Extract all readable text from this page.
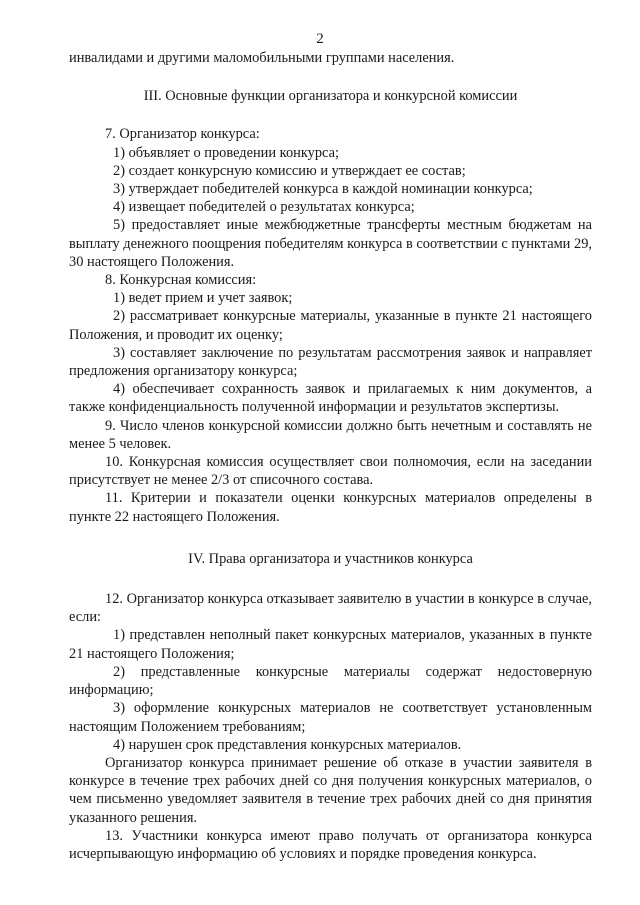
2

инвалидами и другими маломобильными группами населения.

III. Основные функции организатора и конкурсной комиссии

7. Организатор конкурса:

1) объявляет о проведении конкурса;

2) создает конкурсную комиссию и утверждает ее состав;

3) утверждает победителей конкурса в каждой номинации конкурса;

4) извещает победителей о результатах конкурса;

5) предоставляет иные межбюджетные трансферты местным бюджетам на выплату денежного поощрения победителям конкурса в соответствии с пунктами 29, 30 настоящего Положения.

8. Конкурсная комиссия:

1) ведет прием и учет заявок;

2) рассматривает конкурсные материалы, указанные в пункте 21 настоящего Положения, и проводит их оценку;

3) составляет заключение по результатам рассмотрения заявок и направляет предложения организатору конкурса;

4) обеспечивает сохранность заявок и прилагаемых к ним документов, а также конфиденциальность полученной информации и результатов экспертизы.

9. Число членов конкурсной комиссии должно быть нечетным и составлять не менее 5 человек.

10. Конкурсная комиссия осуществляет свои полномочия, если на заседании присутствует не менее 2/3 от списочного состава.

11. Критерии и показатели оценки конкурсных материалов определены в пункте 22 настоящего Положения.

IV. Права организатора и участников конкурса

12. Организатор конкурса отказывает заявителю в участии в конкурсе в случае, если:

1) представлен неполный пакет конкурсных материалов, указанных в пункте 21 настоящего Положения;

2) представленные конкурсные материалы содержат недостоверную информацию;

3) оформление конкурсных материалов не соответствует установленным настоящим Положением требованиям;

4) нарушен срок представления конкурсных материалов.

Организатор конкурса принимает решение об отказе в участии заявителя в конкурсе в течение трех рабочих дней со дня получения конкурсных материалов, о чем письменно уведомляет заявителя в течение трех рабочих дней со дня принятия указанного решения.

13. Участники конкурса имеют право получать от организатора конкурса исчерпывающую информацию об условиях и порядке проведения конкурса.
